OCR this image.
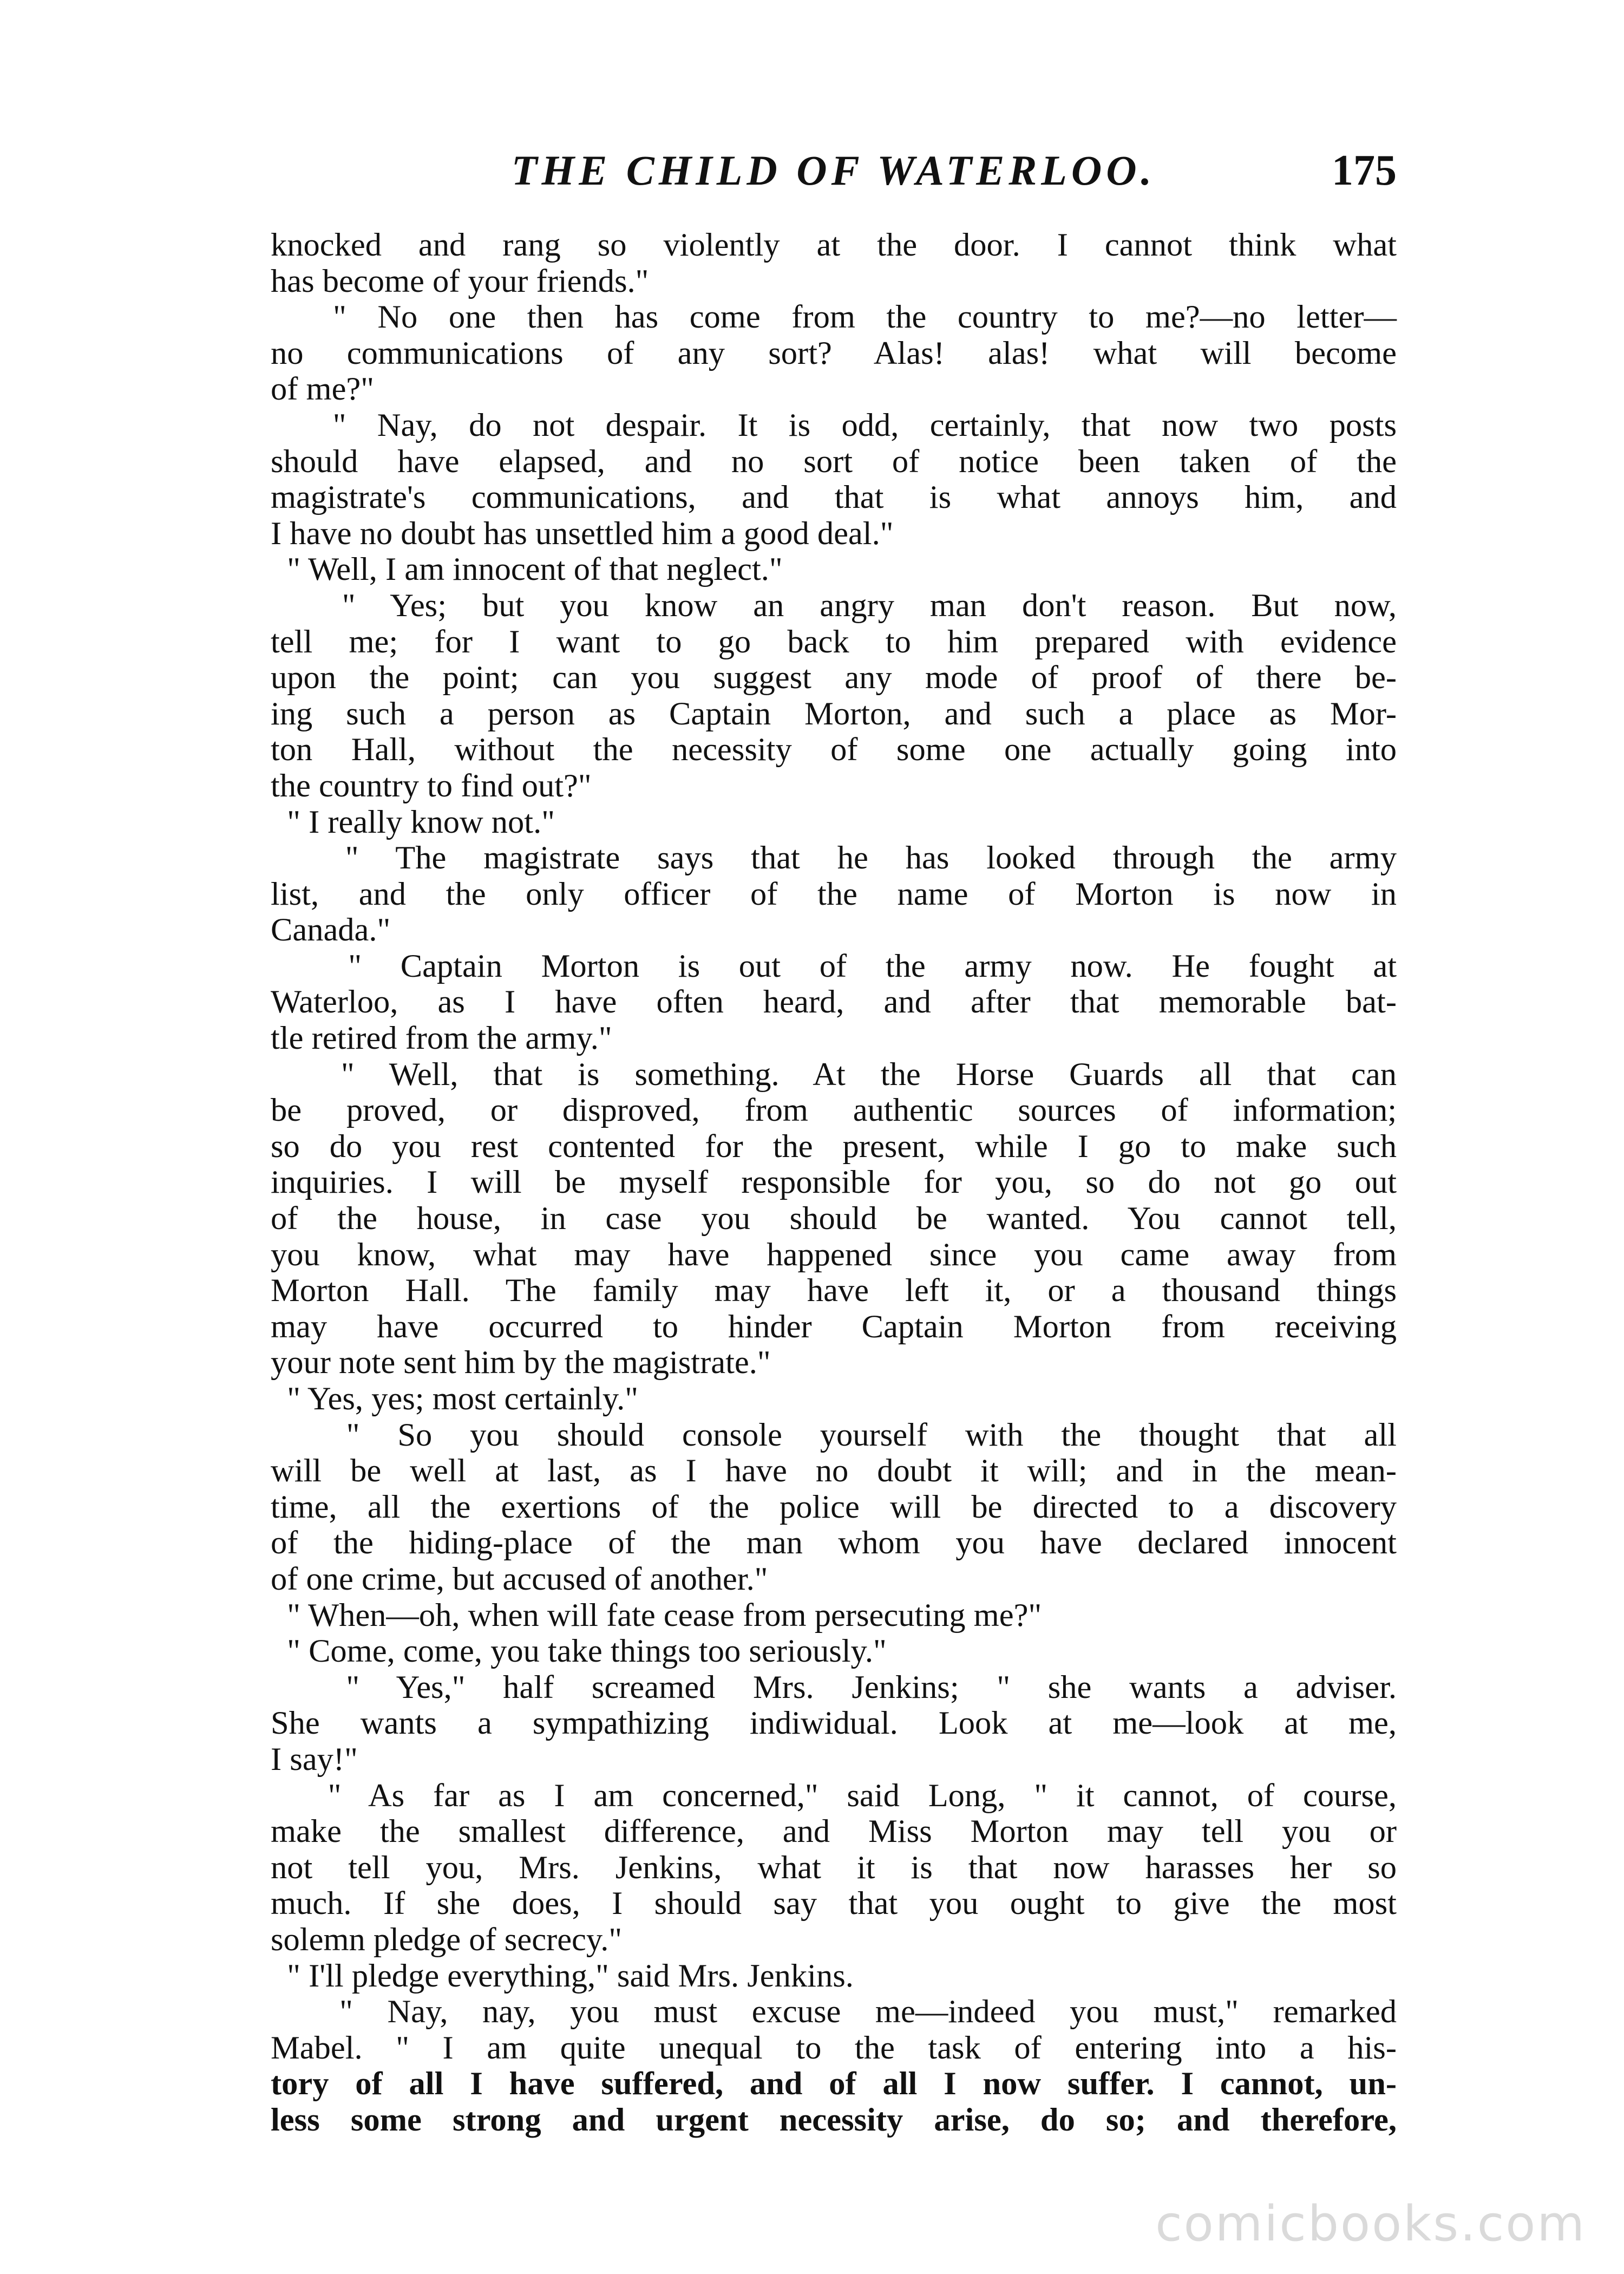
THE CHILD OF WATERLOO.	175
knocked and rang so violently at the door. I cannot think what
has become of your friends."
" No one then has come from the country to me?—no letter—
no communications of any sort? Alas! alas! what will become
of me?"
" Nay, do not despair. It is odd, certainly, that now two posts
should have elapsed, and no sort of notice been taken of the
magistrate's communications, and that is what annoys him, and
I have no doubt has unsettled him a good deal."
" Well, I am innocent of that neglect."
" Yes; but you know an angry man don't reason. But now,
tell me; for I want to go back to him prepared with evidence
upon the point; can you suggest any mode of proof of there be-
ing such a person as Captain Morton, and such a place as Mor-
ton Hall, without the necessity of some one actually going into
the country to find out?"
" I really know not."
" The magistrate says that he has looked through the army
list, and the only officer of the name of Morton is now in
Canada."
" Captain Morton is out of the army now. He fought at
Waterloo, as I have often heard, and after that memorable bat-
tle retired from the army."
" Well, that is something. At the Horse Guards all that can
be proved, or disproved, from authentic sources of information;
so do you rest contented for the present, while I go to make such
inquiries. I will be myself responsible for you, so do not go out
of the house, in case you should be wanted. You cannot tell,
you know, what may have happened since you came away from
Morton Hall. The family may have left it, or a thousand things
may have occurred to hinder Captain Morton from receiving
your note sent him by the magistrate."
" Yes, yes; most certainly."
" So you should console yourself with the thought that all
will be well at last, as I have no doubt it will; and in the mean-
time, all the exertions of the police will be directed to a discovery
of the hiding-place of the man whom you have declared innocent
of one crime, but accused of another."
" When—oh, when will fate cease from persecuting me?"
" Come, come, you take things too seriously."
" Yes," half screamed Mrs. Jenkins; " she wants a adviser.
She wants a sympathizing indiwidual. Look at me—look at me,
I say!"
" As far as I am concerned," said Long, " it cannot, of course,
make the smallest difference, and Miss Morton may tell you or
not tell you, Mrs. Jenkins, what it is that now harasses her so
much. If she does, I should say that you ought to give the most
solemn pledge of secrecy."
" I'll pledge everything," said Mrs. Jenkins.
" Nay, nay, you must excuse me—indeed you must," remarked
Mabel. " I am quite unequal to the task of entering into a his-
tory of all I have suffered, and of all I now suffer. I cannot, un-
less some strong and urgent necessity arise, do so; and therefore,
comicbooks.com
